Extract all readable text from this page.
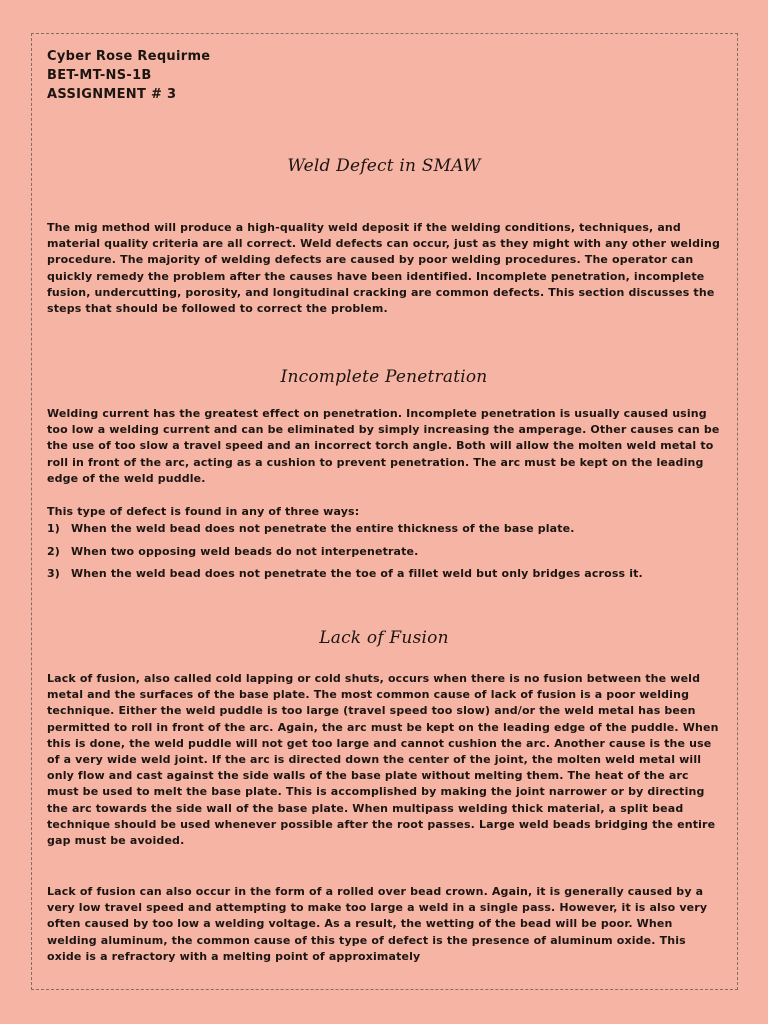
Cyber Rose Requirme
BET-MT-NS-1B
ASSIGNMENT # 3
Weld Defect in SMAW

The mig method will produce a high-quality weld deposit if the welding conditions, techniques, and material quality criteria are all correct. Weld defects can occur, just as they might with any other welding procedure. The majority of welding defects are caused by poor welding procedures. The operator can quickly remedy the problem after the causes have been identified. Incomplete penetration, incomplete fusion, undercutting, porosity, and longitudinal cracking are common defects. This section discusses the steps that should be followed to correct the problem.

Incomplete Penetration

Welding current has the greatest effect on penetration. Incomplete penetration is usually caused using too low a welding current and can be eliminated by simply increasing the amperage. Other causes can be the use of too slow a travel speed and an incorrect torch angle. Both will allow the molten weld metal to roll in front of the arc, acting as a cushion to prevent penetration. The arc must be kept on the leading edge of the weld puddle.

This type of defect is found in any of three ways:
1) When the weld bead does not penetrate the entire thickness of the base plate.
2) When two opposing weld beads do not interpenetrate.
3) When the weld bead does not penetrate the toe of a fillet weld but only bridges across it.
Lack of Fusion

Lack of fusion, also called cold lapping or cold shuts, occurs when there is no fusion between the weld metal and the surfaces of the base plate. The most common cause of lack of fusion is a poor welding technique. Either the weld puddle is too large (travel speed too slow) and/or the weld metal has been permitted to roll in front of the arc. Again, the arc must be kept on the leading edge of the puddle. When this is done, the weld puddle will not get too large and cannot cushion the arc. Another cause is the use of a very wide weld joint. If the arc is directed down the center of the joint, the molten weld metal will only flow and cast against the side walls of the base plate without melting them. The heat of the arc must be used to melt the base plate. This is accomplished by making the joint narrower or by directing the arc towards the side wall of the base plate. When multipass welding thick material, a split bead technique should be used whenever possible after the root passes. Large weld beads bridging the entire gap must be avoided.

Lack of fusion can also occur in the form of a rolled over bead crown. Again, it is generally caused by a very low travel speed and attempting to make too large a weld in a single pass. However, it is also very often caused by too low a welding voltage. As a result, the wetting of the bead will be poor. When welding aluminum, the common cause of this type of defect is the presence of aluminum oxide. This oxide is a refractory with a melting point of approximately
